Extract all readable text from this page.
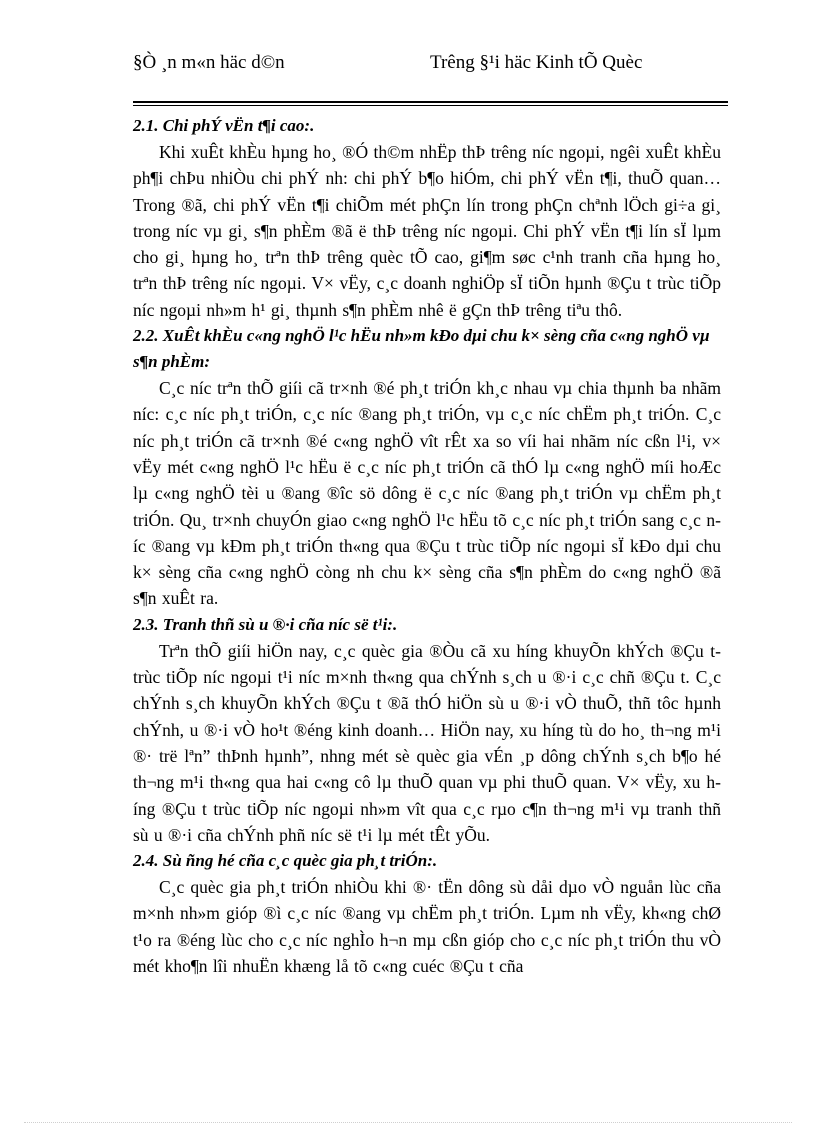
§Ò ¸n m«n häc d©n	Trêng §¹i häc Kinh tÕ Quèc

2.1. Chi phÝ vËn t¶i cao:.

Khi xuÊt khÈu hµng ho¸ ®Ó th©m nhËp thÞ trêng níc ngoµi, ngêi xuÊt khÈu ph¶i chÞu nhiÒu chi phÝ nh: chi phÝ b¶o hiÓm, chi phÝ vËn t¶i, thuÕ quan… Trong ®ã, chi phÝ vËn t¶i chiÕm mét phÇn lín trong phÇn chªnh lÖch gi÷a gi¸ trong níc vµ gi¸ s¶n phÈm ®ã ë thÞ trêng níc ngoµi. Chi phÝ vËn t¶i lín sÏ lµm cho gi¸ hµng ho¸ trªn thÞ trêng quèc tÕ cao, gi¶m søc c¹nh tranh cña hµng ho¸ trªn thÞ trêng níc ngoµi. V× vËy, c¸c doanh nghiÖp sÏ tiÕn hµnh ®Çu t trùc tiÕp níc ngoµi nh»m h¹ gi¸ thµnh s¶n phÈm nhê ë gÇn thÞ trêng tiªu thô.

2.2. XuÊt khÈu c«ng nghÖ l¹c hËu nh»m kÐo dµi chu k× sèng cña c«ng nghÖ vµ s¶n phÈm:

C¸c níc trªn thÕ giíi cã tr×nh ®é ph¸t triÓn kh¸c nhau vµ chia thµnh ba nhãm níc: c¸c níc ph¸t triÓn, c¸c níc ®ang ph¸t triÓn, vµ c¸c níc chËm ph¸t triÓn. C¸c níc ph¸t triÓn cã tr×nh ®é c«ng nghÖ vît rÊt xa so víi hai nhãm níc cßn l¹i, v× vËy mét c«ng nghÖ l¹c hËu ë c¸c níc ph¸t triÓn cã thÓ lµ c«ng nghÖ míi hoÆc lµ c«ng nghÖ tèi u ®ang ®îc sö dông ë c¸c níc ®ang ph¸t triÓn vµ chËm ph¸t triÓn. Qu¸ tr×nh chuyÓn giao c«ng nghÖ l¹c hËu tõ c¸c níc ph¸t triÓn sang c¸c níc ®ang vµ kÐm ph¸t triÓn th«ng qua ®Çu t trùc tiÕp níc ngoµi sÏ kÐo dµi chu k× sèng cña c«ng nghÖ còng nh chu k× sèng cña s¶n phÈm do c«ng nghÖ ®ã s¶n xuÊt ra.

2.3. Tranh thñ sù u ®·i cña níc së t¹i:.

Trªn thÕ giíi hiÖn nay, c¸c quèc gia ®Òu cã xu híng khuyÕn khÝch ®Çu t trùc tiÕp níc ngoµi t¹i níc m×nh th«ng qua chÝnh s¸ch u ®·i c¸c chñ ®Çu t. C¸c chÝnh s¸ch khuyÕn khÝch ®Çu t ®ã thÓ hiÖn sù u ®·i vÒ thuÕ, thñ tôc hµnh chÝnh, u ®·i vÒ ho¹t ®éng kinh doanh… HiÖn nay, xu híng tù do ho¸ th¬ng m¹i ®· trë lªn” thÞnh hµnh”, nhng mét sè quèc gia vÉn ¸p dông chÝnh s¸ch b¶o hé th¬ng m¹i th«ng qua hai c«ng cô lµ thuÕ quan vµ phi thuÕ quan. V× vËy, xu híng ®Çu t trùc tiÕp níc ngoµi nh»m vît qua c¸c rµo c¶n th¬ng m¹i vµ tranh thñ sù u ®·i cña chÝnh phñ níc së t¹i lµ mét tÊt yÕu.

2.4. Sù ñng hé cña c¸c quèc gia ph¸t triÓn:.

C¸c quèc gia ph¸t triÓn nhiÒu khi ®· tËn dông sù dåi dµo vÒ nguån lùc cña m×nh nh»m gióp ®ì c¸c níc ®ang vµ chËm ph¸t triÓn. Lµm nh vËy, kh«ng chØ t¹o ra ®éng lùc cho c¸c níc nghÌo h¬n mµ cßn gióp cho c¸c níc ph¸t triÓn thu vÒ mét kho¶n lîi nhuËn khæng lå tõ c«ng cuéc ®Çu t cña
